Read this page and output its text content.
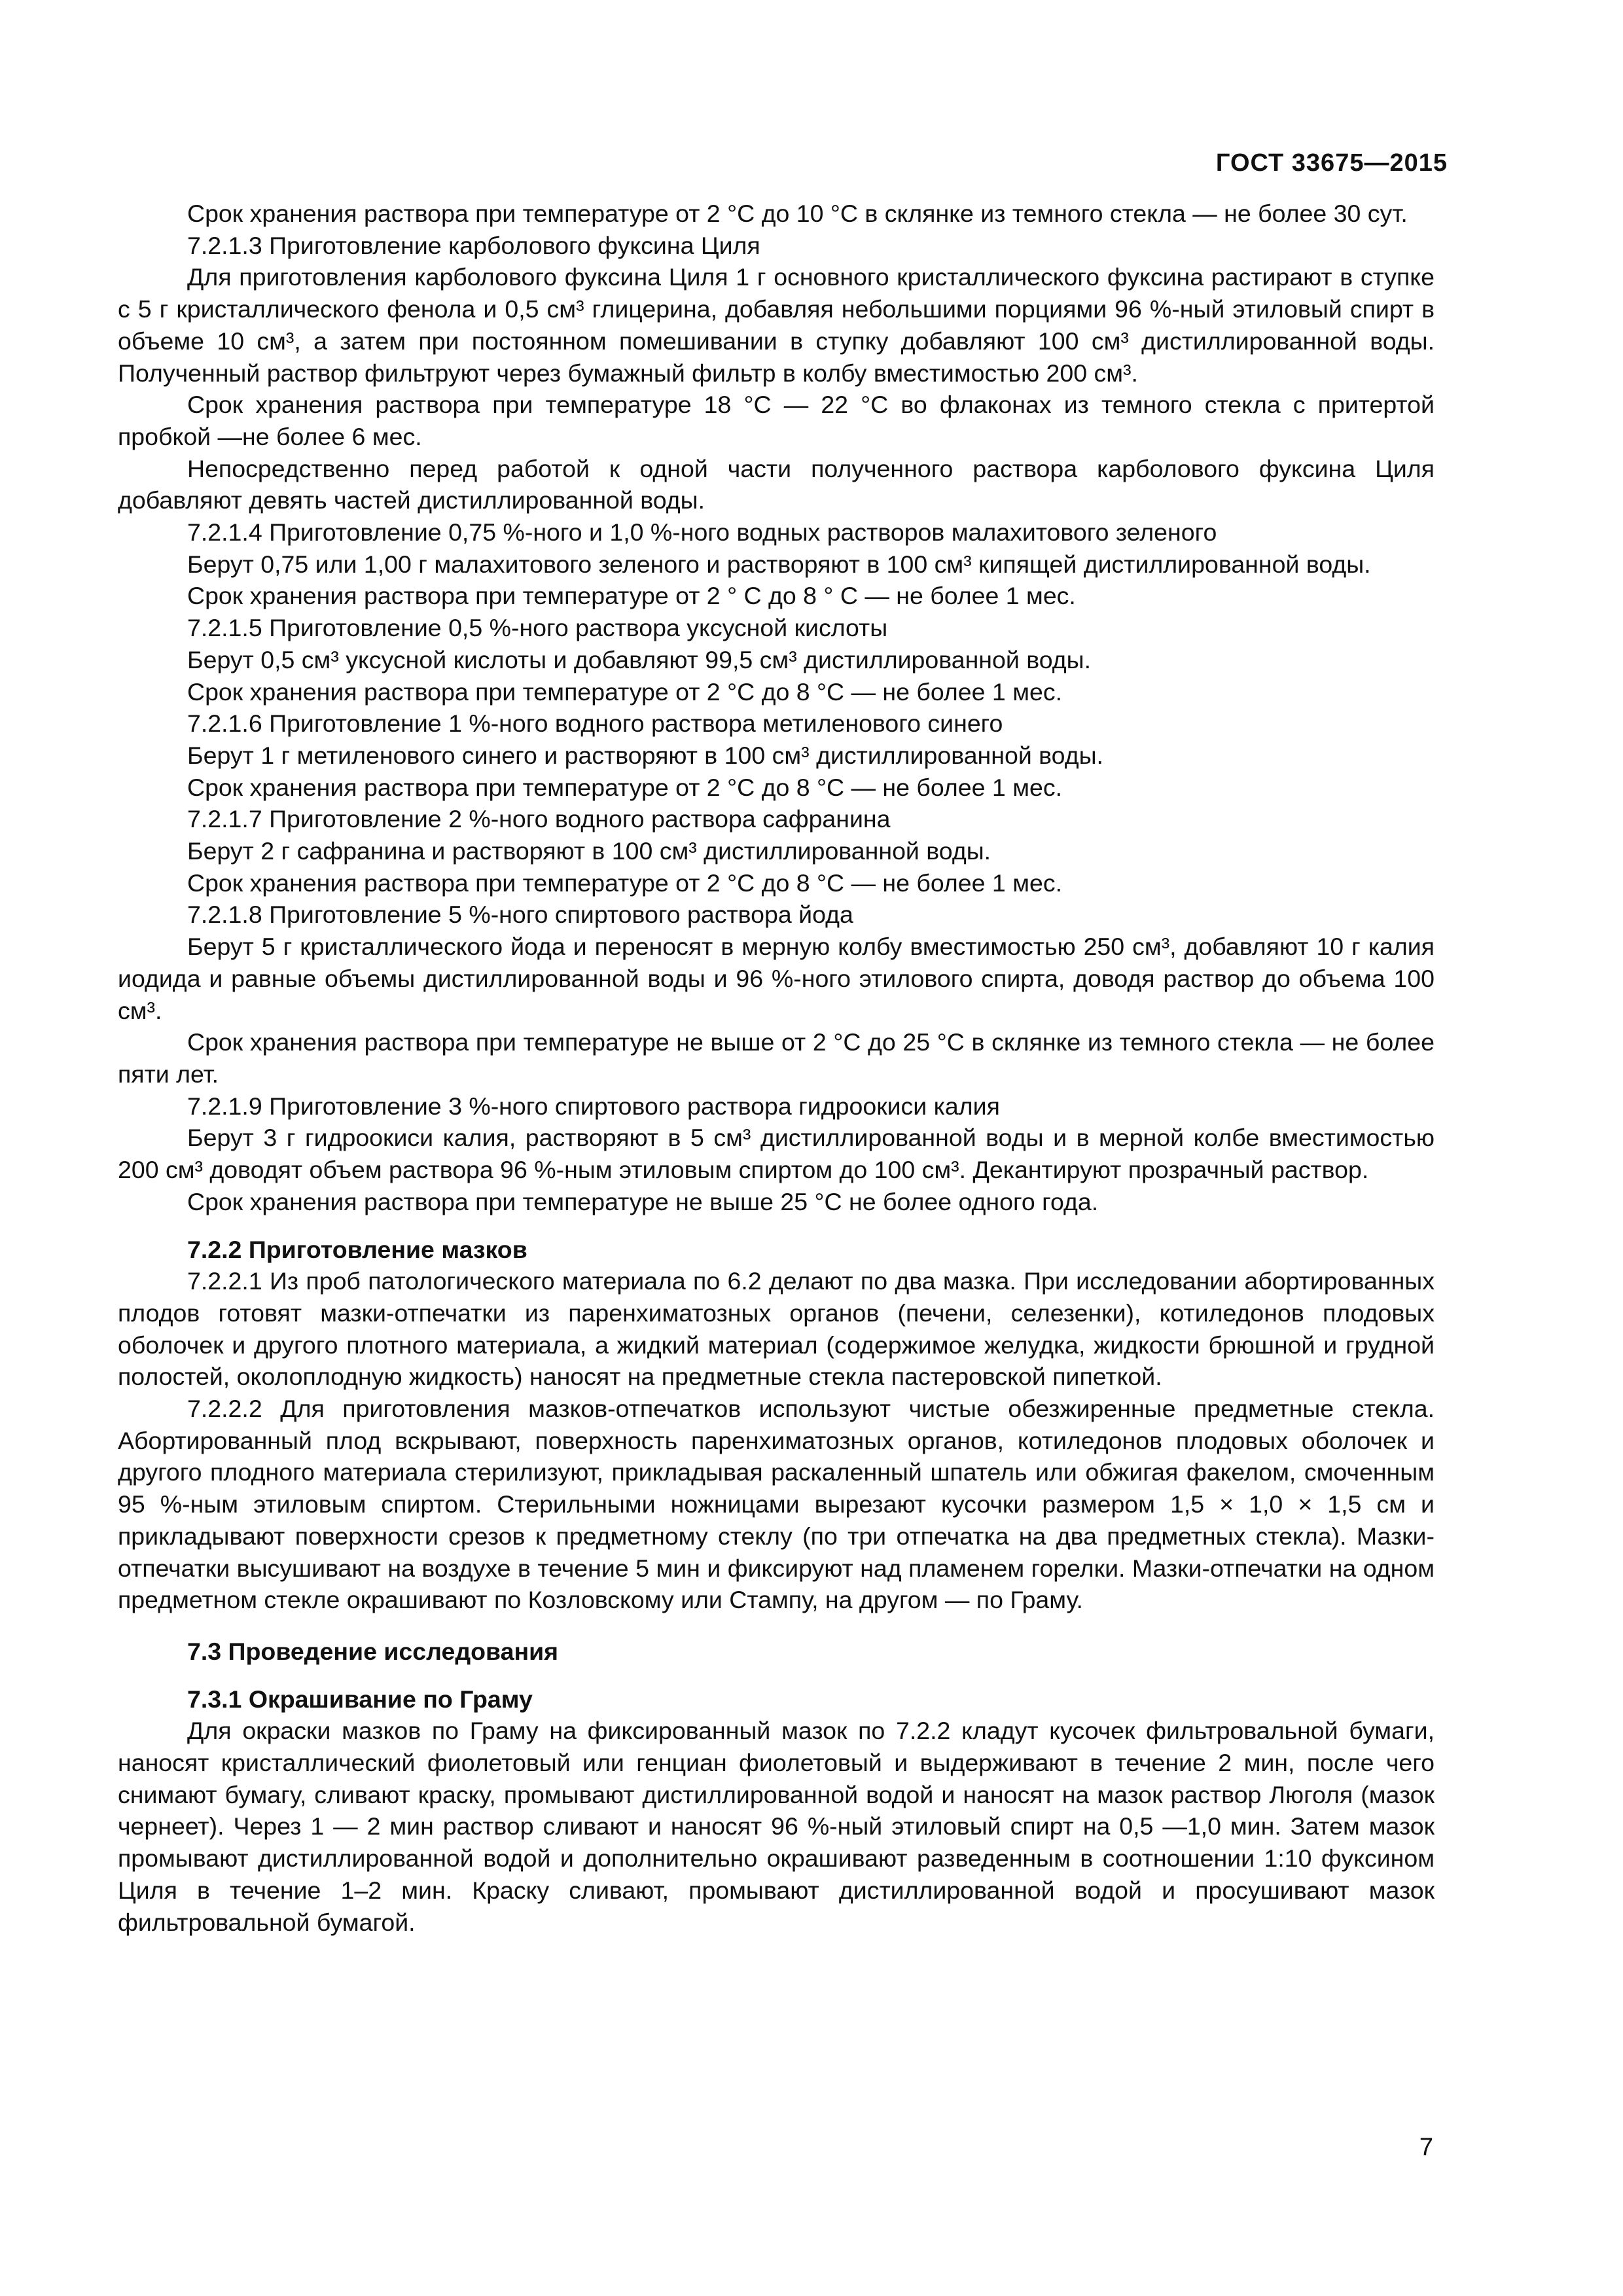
ГОСТ 33675—2015

Срок хранения раствора при температуре от 2 °С до 10 °С в склянке из темного стекла — не более 30 сут.

7.2.1.3 Приготовление карболового фуксина Циля

Для приготовления карболового фуксина Циля 1 г основного кристаллического фуксина растирают в ступке с 5 г кристаллического фенола и 0,5 см³ глицерина, добавляя небольшими порциями 96 %-ный этиловый спирт в объеме 10 см³, а затем при постоянном помешивании в ступку добавляют 100 см³ дистиллированной воды. Полученный раствор фильтруют через бумажный фильтр в колбу вместимостью 200 см³.

Срок хранения раствора при температуре 18 °С — 22 °С во флаконах из темного стекла с притертой пробкой —не более 6 мес.

Непосредственно перед работой к одной части полученного раствора карболового фуксина Циля добавляют девять частей дистиллированной воды.

7.2.1.4 Приготовление 0,75 %-ного и 1,0 %-ного водных растворов малахитового зеленого

Берут 0,75 или 1,00 г малахитового зеленого и растворяют в 100 см³ кипящей дистиллированной воды.

Срок хранения раствора при температуре от 2 ° С до 8 ° С — не более 1 мес.

7.2.1.5 Приготовление 0,5 %-ного раствора уксусной кислоты

Берут 0,5 см³ уксусной кислоты и добавляют 99,5 см³ дистиллированной воды.

Срок хранения раствора при температуре от 2 °С до 8 °С — не более 1 мес.

7.2.1.6 Приготовление 1 %-ного водного раствора метиленового синего

Берут 1 г метиленового синего и растворяют в 100 см³ дистиллированной воды.

Срок хранения раствора при температуре от 2 °С до 8 °С — не более 1 мес.

7.2.1.7 Приготовление 2 %-ного водного раствора сафранина

Берут 2 г сафранина и растворяют в 100 см³ дистиллированной воды.

Срок хранения раствора при температуре от 2 °С до 8 °С — не более 1 мес.

7.2.1.8 Приготовление 5 %-ного спиртового раствора йода

Берут 5 г кристаллического йода и переносят в мерную колбу вместимостью 250 см³, добавляют 10 г калия иодида и равные объемы дистиллированной воды и 96 %-ного этилового спирта, доводя раствор до объема 100 см³.

Срок хранения раствора при температуре не выше от 2 °С до 25 °С в склянке из темного стекла — не более пяти лет.

7.2.1.9 Приготовление 3 %-ного спиртового раствора гидроокиси калия

Берут 3 г гидроокиси калия, растворяют в 5 см³ дистиллированной воды и в мерной колбе вместимостью 200 см³ доводят объем раствора 96 %-ным этиловым спиртом до 100 см³. Декантируют прозрачный раствор.

Срок хранения раствора при температуре не выше 25 °С не более одного года.

7.2.2 Приготовление мазков

7.2.2.1 Из проб патологического материала по 6.2 делают по два мазка. При исследовании абортированных плодов готовят мазки-отпечатки из паренхиматозных органов (печени, селезенки), котиледонов плодовых оболочек и другого плотного материала, а жидкий материал (содержимое желудка, жидкости брюшной и грудной полостей, околоплодную жидкость) наносят на предметные стекла пастеровской пипеткой.

7.2.2.2 Для приготовления мазков-отпечатков используют чистые обезжиренные предметные стекла. Абортированный плод вскрывают, поверхность паренхиматозных органов, котиледонов плодовых оболочек и другого плодного материала стерилизуют, прикладывая раскаленный шпатель или обжигая факелом, смоченным 95 %-ным этиловым спиртом. Стерильными ножницами вырезают кусочки размером 1,5 × 1,0 × 1,5 см и прикладывают поверхности срезов к предметному стеклу (по три отпечатка на два предметных стекла). Мазки-отпечатки высушивают на воздухе в течение 5 мин и фиксируют над пламенем горелки. Мазки-отпечатки на одном предметном стекле окрашивают по Козловскому или Стампу, на другом — по Граму.

7.3 Проведение исследования

7.3.1 Окрашивание по Граму

Для окраски мазков по Граму на фиксированный мазок по 7.2.2 кладут кусочек фильтровальной бумаги, наносят кристаллический фиолетовый или генциан фиолетовый и выдерживают в течение 2 мин, после чего снимают бумагу, сливают краску, промывают дистиллированной водой и наносят на мазок раствор Люголя (мазок чернеет). Через 1 — 2 мин раствор сливают и наносят 96 %-ный этиловый спирт на 0,5 —1,0 мин. Затем мазок промывают дистиллированной водой и дополнительно окрашивают разведенным в соотношении 1:10 фуксином Циля в течение 1–2 мин. Краску сливают, промывают дистиллированной водой и просушивают мазок фильтровальной бумагой.

7
